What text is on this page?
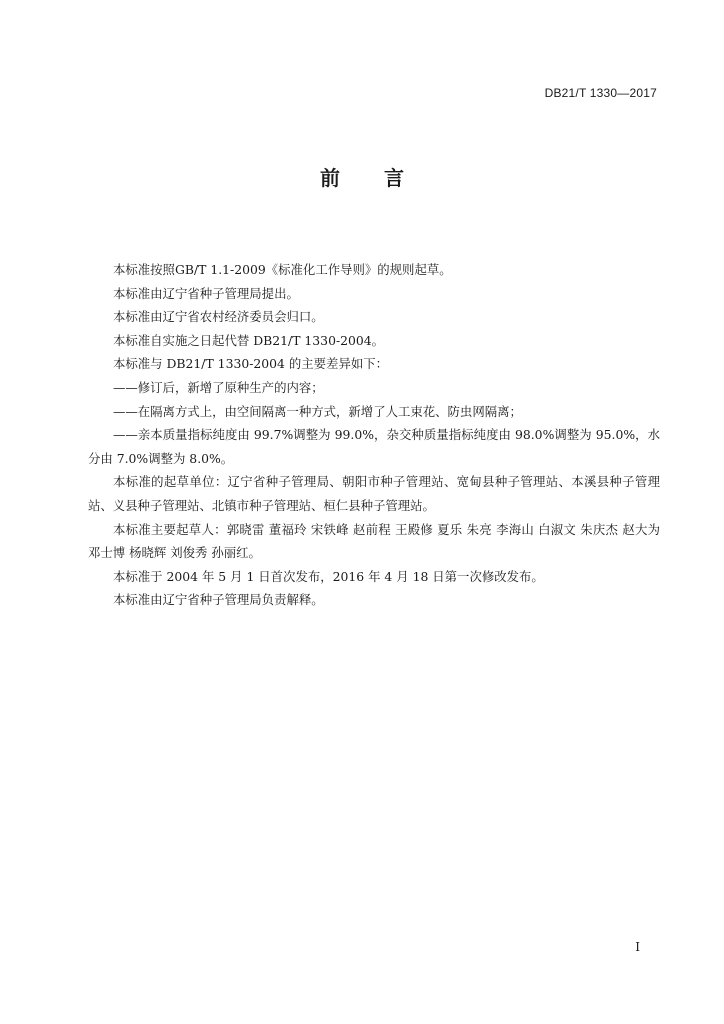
DB21/T 1330—2017
前 言

本标准按照GB/T 1.1-2009《标准化工作导则》的规则起草。

本标准由辽宁省种子管理局提出。

本标准由辽宁省农村经济委员会归口。

本标准自实施之日起代替 DB21/T 1330-2004。

本标准与 DB21/T 1330-2004 的主要差异如下：

——修订后，新增了原种生产的内容；

——在隔离方式上，由空间隔离一种方式，新增了人工束花、防虫网隔离；

——亲本质量指标纯度由 99.7%调整为 99.0%，杂交种质量指标纯度由 98.0%调整为 95.0%，水分由 7.0%调整为 8.0%。

本标准的起草单位：辽宁省种子管理局、朝阳市种子管理站、宽甸县种子管理站、本溪县种子管理站、义县种子管理站、北镇市种子管理站、桓仁县种子管理站。

本标准主要起草人：郭晓雷 董福玲 宋铁峰 赵前程 王殿修 夏乐 朱亮 李海山 白淑文 朱庆杰 赵大为 邓士博 杨晓辉 刘俊秀 孙丽红。

本标准于 2004 年 5 月 1 日首次发布，2016 年 4 月 18 日第一次修改发布。

本标准由辽宁省种子管理局负责解释。

I
